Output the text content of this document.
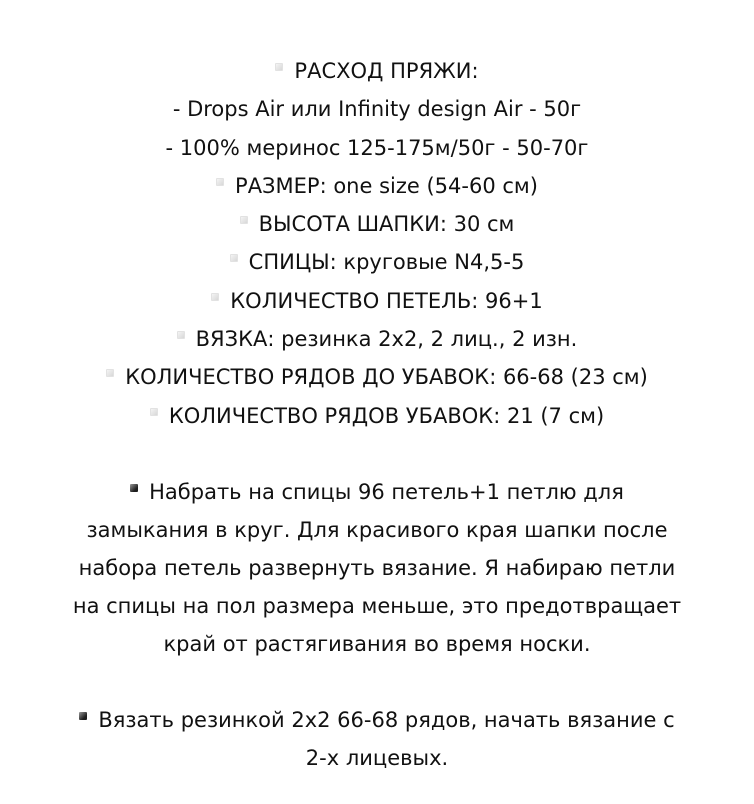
РАСХОД ПРЯЖИ:
- Drops Air или Infinity design Air - 50г
- 100% меринос 125-175м/50г - 50-70г
РАЗМЕР: one size (54-60 см)
ВЫСОТА ШАПКИ: 30 см
СПИЦЫ: круговые N4,5-5
КОЛИЧЕСТВО ПЕТЕЛЬ: 96+1
ВЯЗКА: резинка 2х2, 2 лиц., 2 изн.
КОЛИЧЕСТВО РЯДОВ ДО УБАВОК: 66-68 (23 см)
КОЛИЧЕСТВО РЯДОВ УБАВОК: 21 (7 см)
Набрать на спицы 96 петель+1 петлю для
замыкания в круг. Для красивого края шапки после
набора петель развернуть вязание. Я набираю петли
на спицы на пол размера меньше, это предотвращает
край от растягивания во время носки.
Вязать резинкой 2х2 66-68 рядов, начать вязание с
2-х лицевых.
